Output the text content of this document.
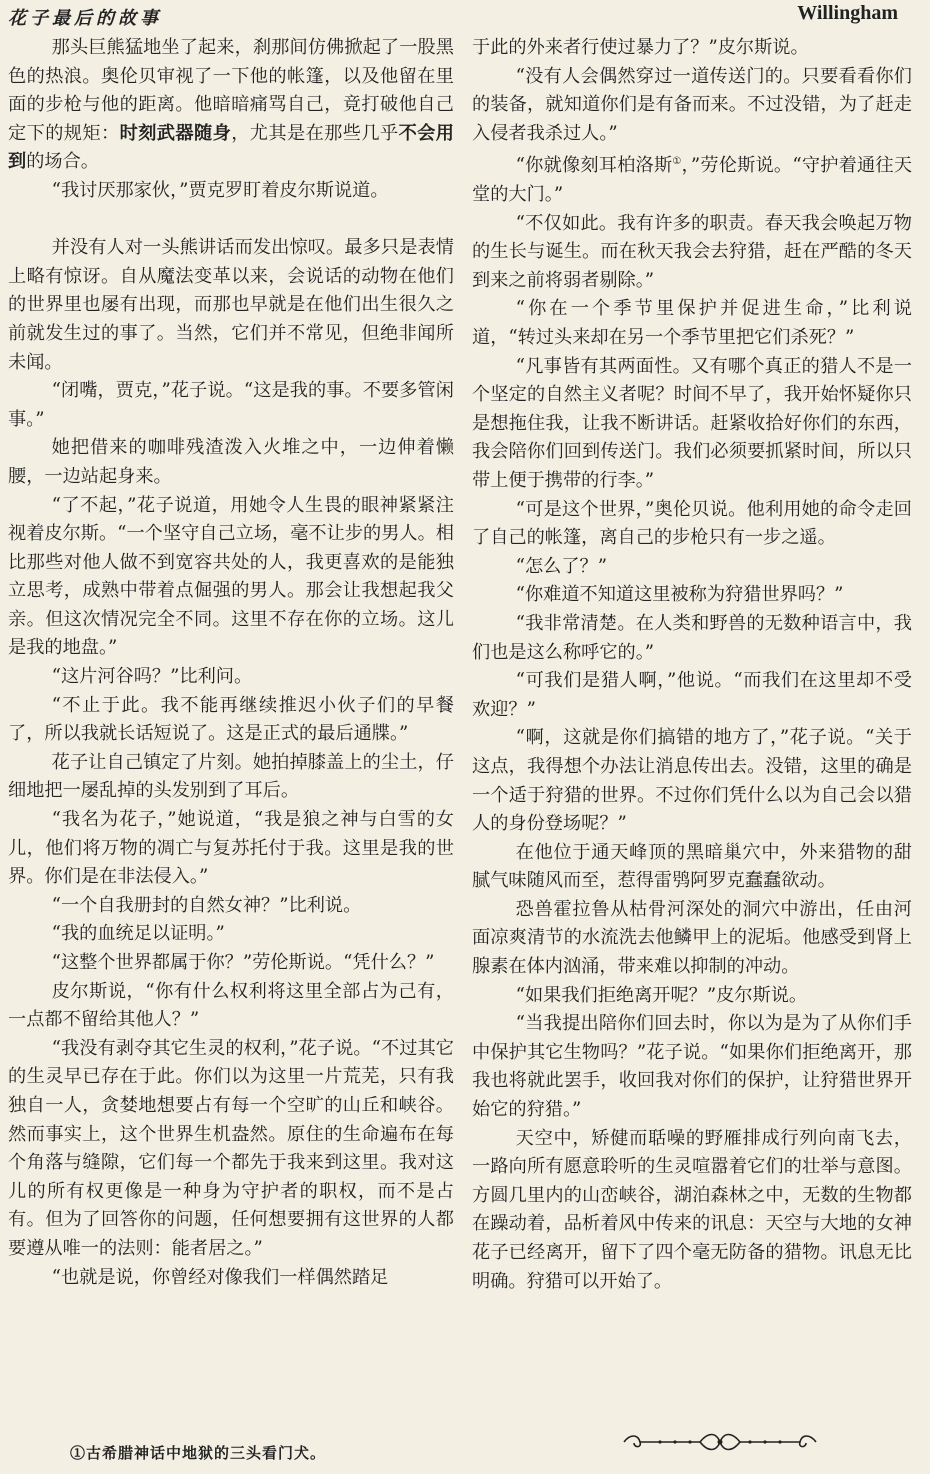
花子最后的故事	Willingham

那头巨熊猛地坐了起来，刹那间仿佛掀起了一股黑色的热浪。奥伦贝审视了一下他的帐篷，以及他留在里面的步枪与他的距离。他暗暗痛骂自己，竟打破他自己定下的规矩：时刻武器随身，尤其是在那些几乎不会用到的场合。

“我讨厌那家伙，”贾克罗盯着皮尔斯说道。

并没有人对一头熊讲话而发出惊叹。最多只是表情上略有惊讶。自从魔法变革以来，会说话的动物在他们的世界里也屡有出现，而那也早就是在他们出生很久之前就发生过的事了。当然，它们并不常见，但绝非闻所未闻。

“闭嘴，贾克，”花子说。“这是我的事。不要多管闲事。”

她把借来的咖啡残渣泼入火堆之中，一边伸着懒腰，一边站起身来。

“了不起，”花子说道，用她令人生畏的眼神紧紧注视着皮尔斯。“一个坚守自己立场，毫不让步的男人。相比那些对他人做不到宽容共处的人，我更喜欢的是能独立思考，成熟中带着点倔强的男人。那会让我想起我父亲。但这次情况完全不同。这里不存在你的立场。这儿是我的地盘。”

“这片河谷吗？”比利问。

“不止于此。我不能再继续推迟小伙子们的早餐了，所以我就长话短说了。这是正式的最后通牒。”

花子让自己镇定了片刻。她拍掉膝盖上的尘土，仔细地把一屡乱掉的头发别到了耳后。

“我名为花子，”她说道，“我是狼之神与白雪的女儿，他们将万物的凋亡与复苏托付于我。这里是我的世界。你们是在非法侵入。”

“一个自我册封的自然女神？”比利说。

“我的血统足以证明。”

“这整个世界都属于你？”劳伦斯说。“凭什么？”

皮尔斯说，“你有什么权利将这里全部占为己有，一点都不留给其他人？”

“我没有剥夺其它生灵的权利，”花子说。“不过其它的生灵早已存在于此。你们以为这里一片荒芜，只有我独自一人，贪婪地想要占有每一个空旷的山丘和峡谷。然而事实上，这个世界生机盎然。原住的生命遍布在每个角落与缝隙，它们每一个都先于我来到这里。我对这儿的所有权更像是一种身为守护者的职权，而不是占有。但为了回答你的问题，任何想要拥有这世界的人都要遵从唯一的法则：能者居之。”

“也就是说，你曾经对像我们一样偶然踏足

于此的外来者行使过暴力了？”皮尔斯说。

“没有人会偶然穿过一道传送门的。只要看看你们的装备，就知道你们是有备而来。不过没错，为了赶走入侵者我杀过人。”

“你就像刻耳柏洛斯①，”劳伦斯说。“守护着通往天堂的大门。”

“不仅如此。我有许多的职责。春天我会唤起万物的生长与诞生。而在秋天我会去狩猎，赶在严酷的冬天到来之前将弱者剔除。”

“你在一个季节里保护并促进生命，”比利说道，“转过头来却在另一个季节里把它们杀死？”

“凡事皆有其两面性。又有哪个真正的猎人不是一个坚定的自然主义者呢？时间不早了，我开始怀疑你只是想拖住我，让我不断讲话。赶紧收拾好你们的东西，我会陪你们回到传送门。我们必须要抓紧时间，所以只带上便于携带的行李。”

“可是这个世界，”奥伦贝说。他利用她的命令走回了自己的帐篷，离自己的步枪只有一步之遥。

“怎么了？”

“你难道不知道这里被称为狩猎世界吗？”

“我非常清楚。在人类和野兽的无数种语言中，我们也是这么称呼它的。”

“可我们是猎人啊，”他说。“而我们在这里却不受欢迎？”

“啊，这就是你们搞错的地方了，”花子说。“关于这点，我得想个办法让消息传出去。没错，这里的确是一个适于狩猎的世界。不过你们凭什么以为自己会以猎人的身份登场呢？”

在他位于通天峰顶的黑暗巢穴中，外来猎物的甜腻气味随风而至，惹得雷鸮阿罗克蠢蠢欲动。

恐兽霍拉鲁从枯骨河深处的洞穴中游出，任由河面凉爽清节的水流洗去他鳞甲上的泥垢。他感受到肾上腺素在体内汹涌，带来难以抑制的冲动。

“如果我们拒绝离开呢？”皮尔斯说。

“当我提出陪你们回去时，你以为是为了从你们手中保护其它生物吗？”花子说。“如果你们拒绝离开，那我也将就此罢手，收回我对你们的保护，让狩猎世界开始它的狩猎。”

天空中，矫健而聒噪的野雁排成行列向南飞去，一路向所有愿意聆听的生灵喧嚣着它们的壮举与意图。方圆几里内的山峦峡谷，湖泊森林之中，无数的生物都在躁动着，品析着风中传来的讯息：天空与大地的女神花子已经离开，留下了四个毫无防备的猎物。讯息无比明确。狩猎可以开始了。

①古希腊神话中地狱的三头看门犬。
